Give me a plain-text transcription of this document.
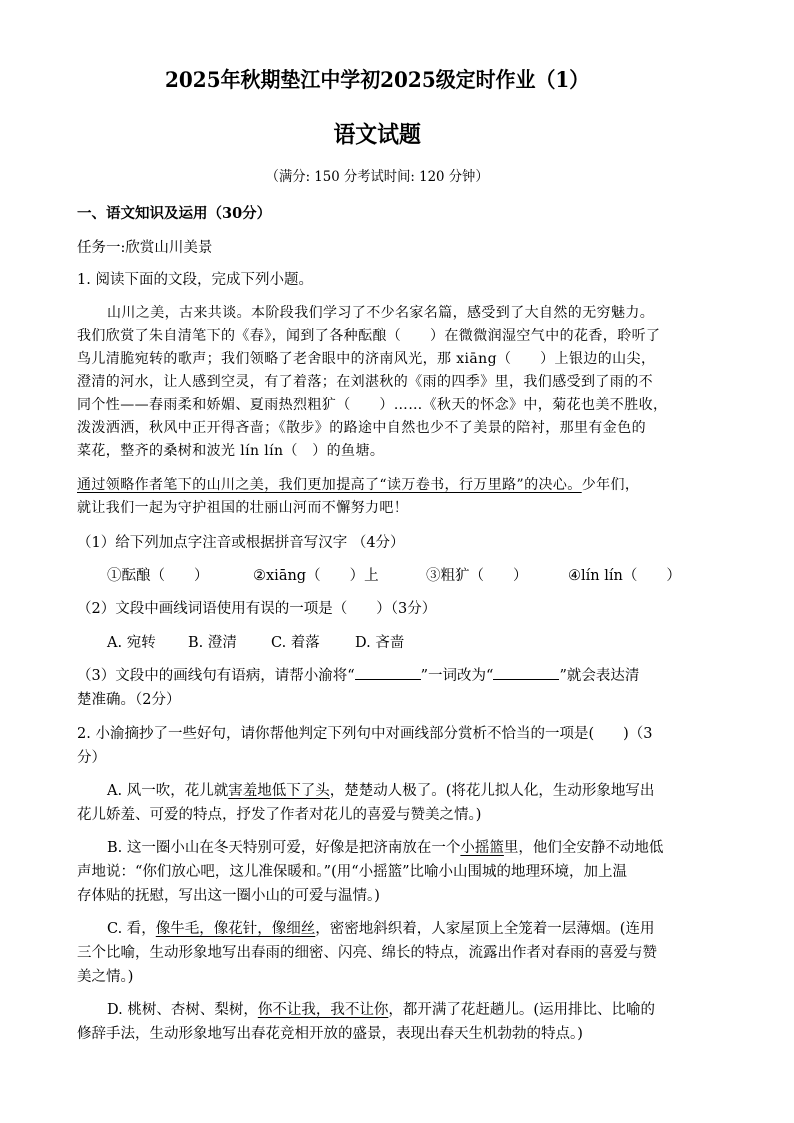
2025年秋期垫江中学初2025级定时作业（1）
语文试题
（满分: 150 分考试时间: 120 分钟）
一、语文知识及运用（30分）
任务一:欣赏山川美景
1. 阅读下面的文段，完成下列小题。
山川之美，古来共谈。本阶段我们学习了不少名家名篇，感受到了大自然的无穷魅力。
我们欣赏了朱自清笔下的《春》，闻到了各种酝酿（　　）在微微润湿空气中的花香，聆听了
鸟儿清脆宛转的歌声；我们领略了老舍眼中的济南风光，那 xiāng（　　）上银边的山尖，
澄清的河水，让人感到空灵，有了着落；在刘湛秋的《雨的四季》里，我们感受到了雨的不
同个性——春雨柔和娇媚、夏雨热烈粗犷（　　）……《秋天的怀念》中，菊花也美不胜收，
泼泼洒洒，秋风中正开得吝啬；《散步》的路途中自然也少不了美景的陪衬，那里有金色的
菜花，整齐的桑树和波光 lín lín（　）的鱼塘。
通过领略作者笔下的山川之美，我们更加提高了“读万卷书，行万里路”的决心。少年们，
就让我们一起为守护祖国的壮丽山河而不懈努力吧！
（1）给下列加点字注音或根据拼音写汉字 （4分）
①酝酿（　　）	②xiāng（　　）上	③粗犷（　　）	④lín lín（　　）
（2）文段中画线词语使用有误的一项是（　　）（3分）
A. 宛转 B. 澄清 C. 着落 D. 吝啬
（3）文段中的画线句有语病，请帮小渝将“	”一词改为“	”就会表达清
楚准确。（2分）
2. 小渝摘抄了一些好句，请你帮他判定下列句中对画线部分赏析不恰当的一项是(　　)（3
分）
A. 风一吹，花儿就害羞地低下了头，楚楚动人极了。(将花儿拟人化，生动形象地写出
花儿娇羞、可爱的特点，抒发了作者对花儿的喜爱与赞美之情。)
B. 这一圈小山在冬天特别可爱，好像是把济南放在一个小摇篮里，他们全安静不动地低
声地说：“你们放心吧，这儿准保暖和。”(用“小摇篮”比喻小山围城的地理环境，加上温
存体贴的抚慰，写出这一圈小山的可爱与温情。)
C. 看，像牛毛，像花针，像细丝，密密地斜织着，人家屋顶上全笼着一层薄烟。(连用
三个比喻，生动形象地写出春雨的细密、闪亮、绵长的特点，流露出作者对春雨的喜爱与赞
美之情。)
D. 桃树、杏树、梨树，你不让我，我不让你，都开满了花赶趟儿。(运用排比、比喻的
修辞手法，生动形象地写出春花竞相开放的盛景，表现出春天生机勃勃的特点。)
